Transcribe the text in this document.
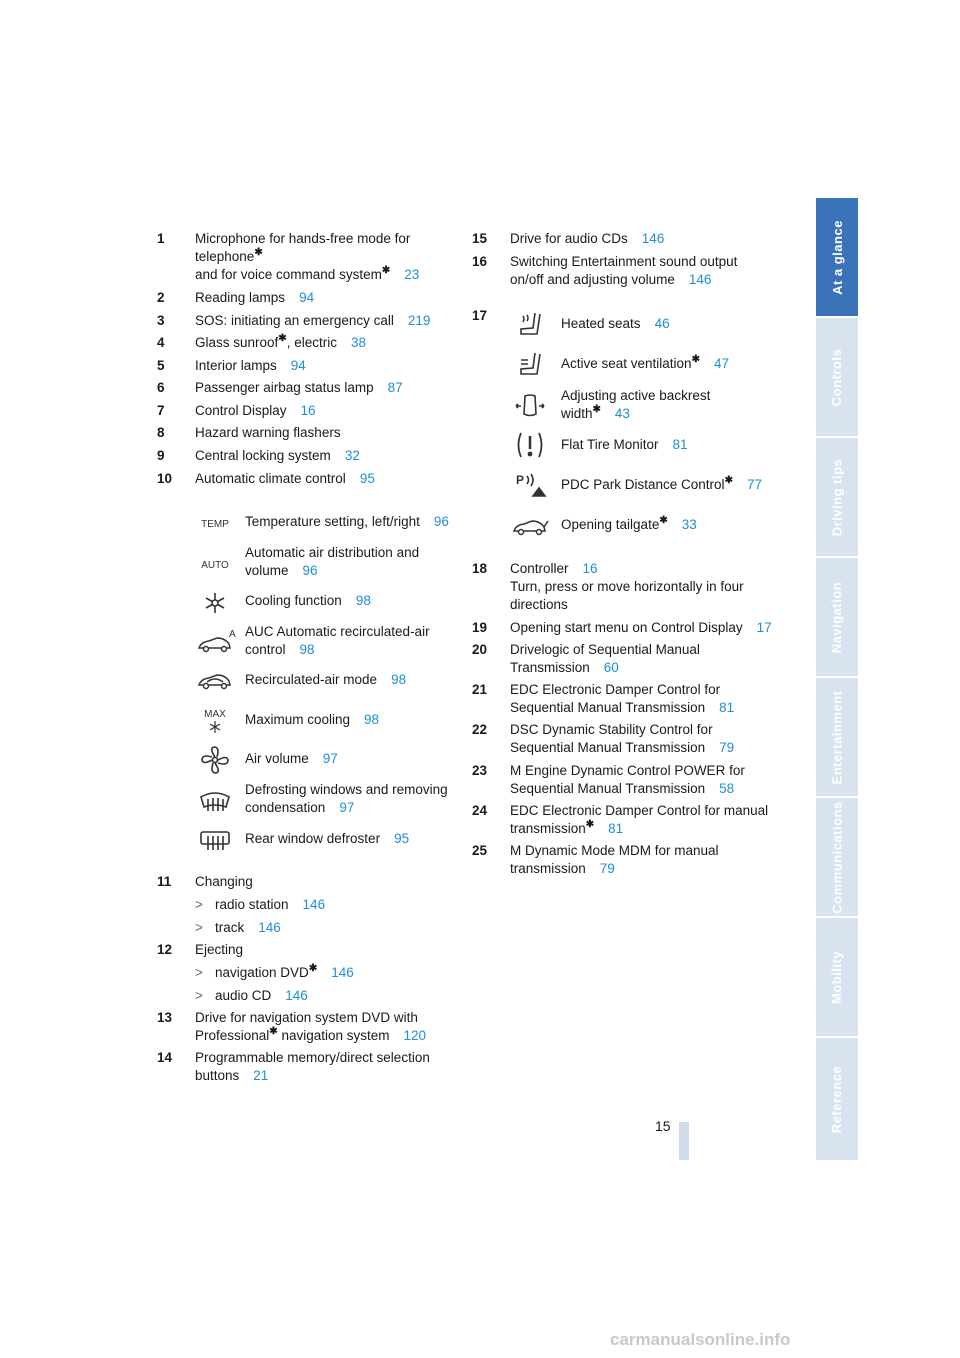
1 Microphone for hands-free mode for
telephone✱
and for voice command system✱ 23
2 Reading lamps 94
3 SOS: initiating an emergency call 219
4 Glass sunroof✱, electric 38
5 Interior lamps 94
6 Passenger airbag status lamp 87
7 Control Display 16
8 Hazard warning flashers
9 Central locking system 32
10 Automatic climate control 95
TEMP Temperature setting, left/right 96
AUTO
Automatic air distribution and
volume 96
Cooling function 98
A AUC Automatic recirculated-air
control 98
Recirculated-air mode 98
MAX Maximum cooling 98
Air volume 97
Defrosting windows and removing
condensation 97
Rear window defroster 95
11 Changing
> radio station 146
> track 146
12 Ejecting
> navigation DVD✱ 146
> audio CD 146
13 Drive for navigation system DVD with
Professional✱ navigation system 120
14 Programmable memory/direct selection
buttons 21
15 Drive for audio CDs 146
16 Switching Entertainment sound output
on/off and adjusting volume 146
17
Heated seats 46
Active seat ventilation✱ 47
Adjusting active backrest
width✱ 43
Flat Tire Monitor 81
P	PDC Park Distance Control✱ 77
Opening tailgate✱ 33
18 Controller 16
Turn, press or move horizontally in four
directions
19 Opening start menu on Control Display 17
20 Drivelogic of Sequential Manual
Transmission 60
21 EDC Electronic Damper Control for
Sequential Manual Transmission 81
22 DSC Dynamic Stability Control for
Sequential Manual Transmission 79
23 M Engine Dynamic Control POWER for
Sequential Manual Transmission 58
24 EDC Electronic Damper Control for manual
transmission✱ 81
25 M Dynamic Mode MDM for manual
transmission 79
At a glance
Controls
Driving tips
Navigation
Entertainment
Communications
Mobility
Reference
15
carmanualsonline.info
